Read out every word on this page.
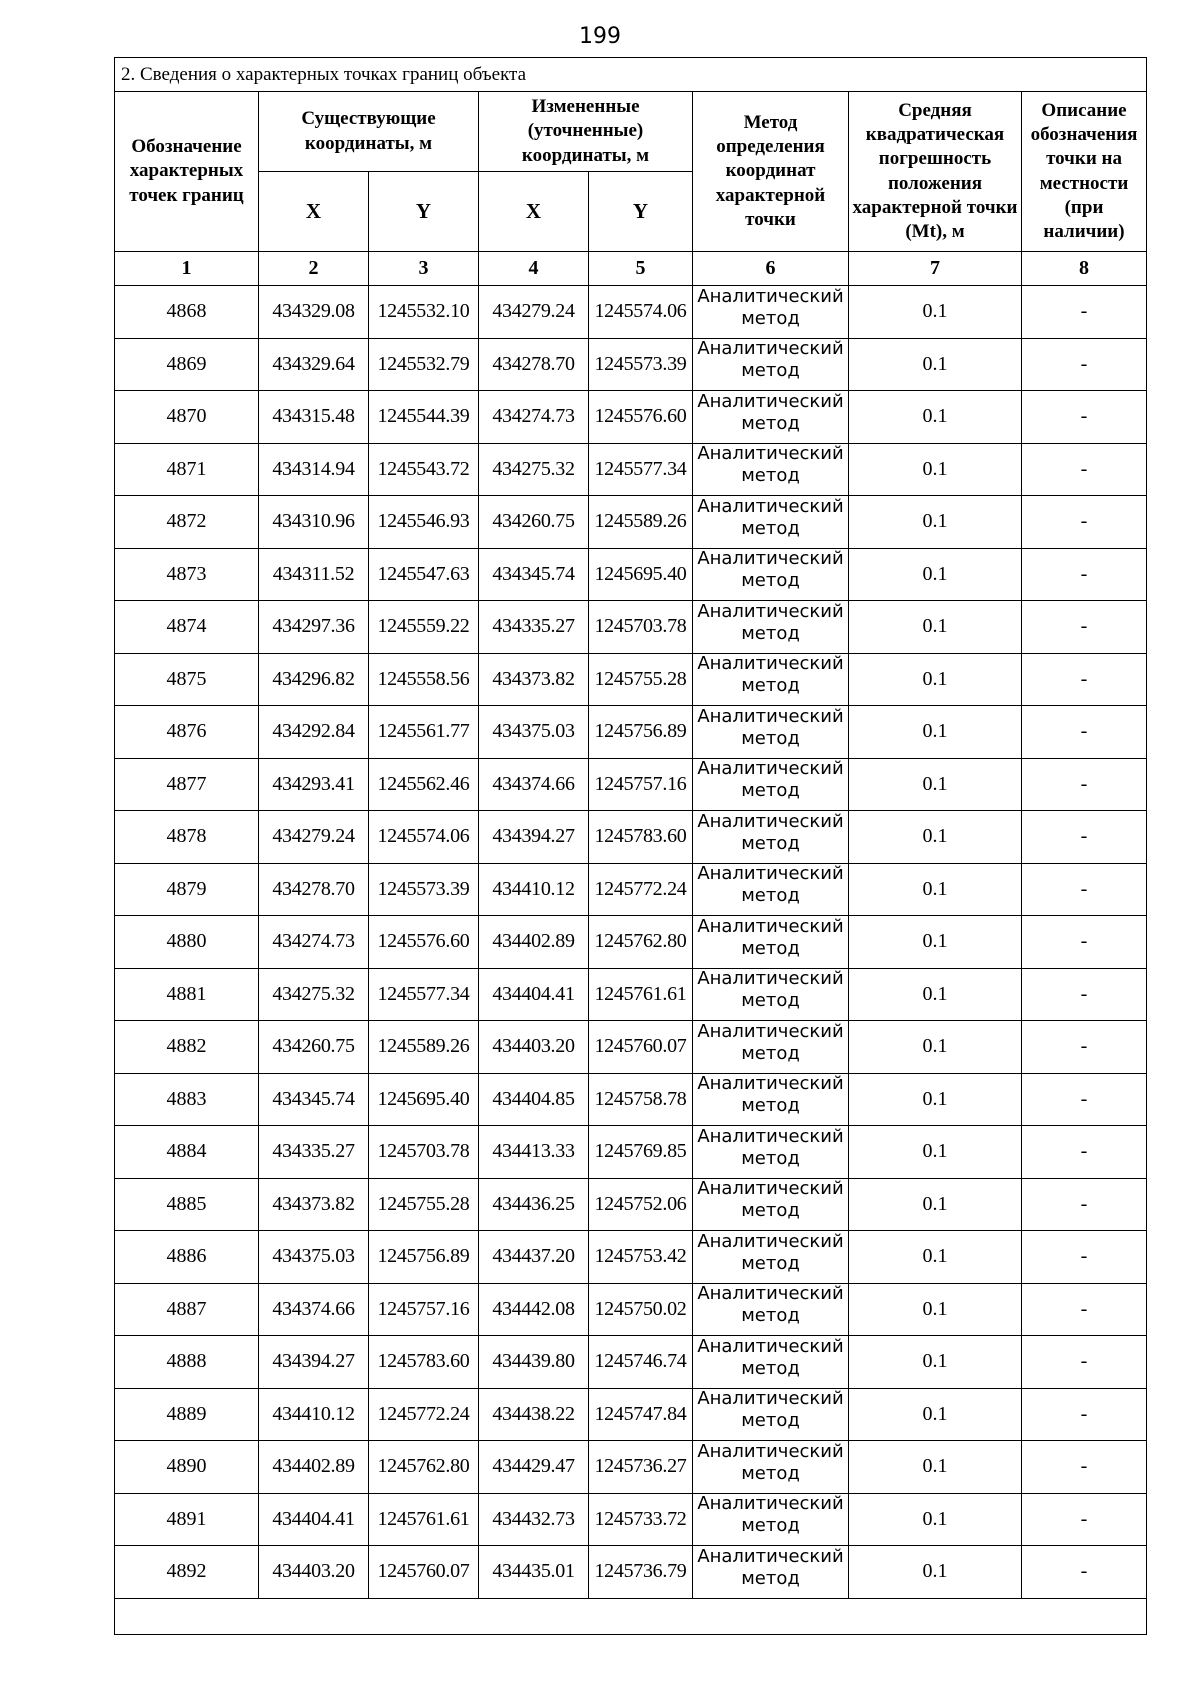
199
2. Сведения о характерных точках границ объекта							
Обозначение характерных точек границ	Существующие координаты, м		Измененные (уточненные) координаты, м		Метод определения координат характерной точки	Средняя квадратическая погрешность положения характерной точки (Mt), м	Описание обозначения точки на местности (при наличии)
	X	Y	X	Y			
1	2	3	4	5	6	7	8
4868	434329.08	1245532.10	434279.24	1245574.06	Аналитический
метод	0.1	-
4869	434329.64	1245532.79	434278.70	1245573.39	Аналитический
метод	0.1	-
4870	434315.48	1245544.39	434274.73	1245576.60	Аналитический
метод	0.1	-
4871	434314.94	1245543.72	434275.32	1245577.34	Аналитический
метод	0.1	-
4872	434310.96	1245546.93	434260.75	1245589.26	Аналитический
метод	0.1	-
4873	434311.52	1245547.63	434345.74	1245695.40	Аналитический
метод	0.1	-
4874	434297.36	1245559.22	434335.27	1245703.78	Аналитический
метод	0.1	-
4875	434296.82	1245558.56	434373.82	1245755.28	Аналитический
метод	0.1	-
4876	434292.84	1245561.77	434375.03	1245756.89	Аналитический
метод	0.1	-
4877	434293.41	1245562.46	434374.66	1245757.16	Аналитический
метод	0.1	-
4878	434279.24	1245574.06	434394.27	1245783.60	Аналитический
метод	0.1	-
4879	434278.70	1245573.39	434410.12	1245772.24	Аналитический
метод	0.1	-
4880	434274.73	1245576.60	434402.89	1245762.80	Аналитический
метод	0.1	-
4881	434275.32	1245577.34	434404.41	1245761.61	Аналитический
метод	0.1	-
4882	434260.75	1245589.26	434403.20	1245760.07	Аналитический
метод	0.1	-
4883	434345.74	1245695.40	434404.85	1245758.78	Аналитический
метод	0.1	-
4884	434335.27	1245703.78	434413.33	1245769.85	Аналитический
метод	0.1	-
4885	434373.82	1245755.28	434436.25	1245752.06	Аналитический
метод	0.1	-
4886	434375.03	1245756.89	434437.20	1245753.42	Аналитический
метод	0.1	-
4887	434374.66	1245757.16	434442.08	1245750.02	Аналитический
метод	0.1	-
4888	434394.27	1245783.60	434439.80	1245746.74	Аналитический
метод	0.1	-
4889	434410.12	1245772.24	434438.22	1245747.84	Аналитический
метод	0.1	-
4890	434402.89	1245762.80	434429.47	1245736.27	Аналитический
метод	0.1	-
4891	434404.41	1245761.61	434432.73	1245733.72	Аналитический
метод	0.1	-
4892	434403.20	1245760.07	434435.01	1245736.79	Аналитический
метод	0.1	-
